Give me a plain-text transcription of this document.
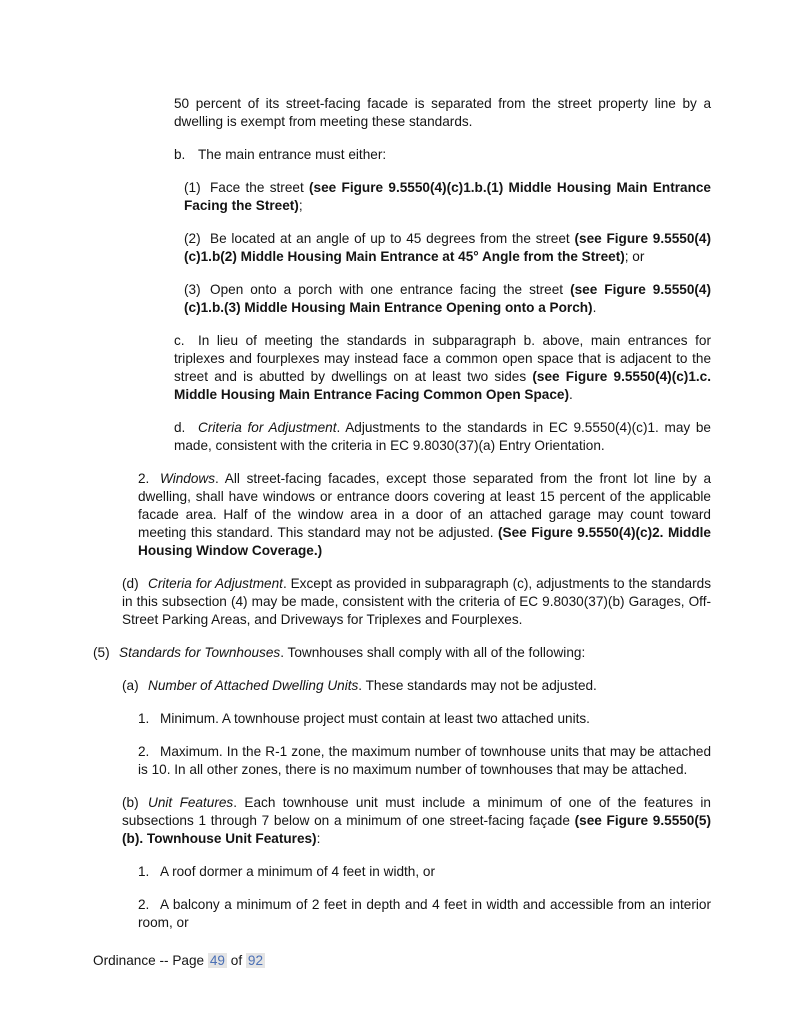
50 percent of its street-facing facade is separated from the street property line by a dwelling is exempt from meeting these standards.

b. The main entrance must either:

(1) Face the street (see Figure 9.5550(4)(c)1.b.(1) Middle Housing Main Entrance Facing the Street);

(2) Be located at an angle of up to 45 degrees from the street (see Figure 9.5550(4)(c)1.b(2) Middle Housing Main Entrance at 45° Angle from the Street); or

(3) Open onto a porch with one entrance facing the street (see Figure 9.5550(4)(c)1.b.(3) Middle Housing Main Entrance Opening onto a Porch).

c. In lieu of meeting the standards in subparagraph b. above, main entrances for triplexes and fourplexes may instead face a common open space that is adjacent to the street and is abutted by dwellings on at least two sides (see Figure 9.5550(4)(c)1.c. Middle Housing Main Entrance Facing Common Open Space).

d. Criteria for Adjustment. Adjustments to the standards in EC 9.5550(4)(c)1. may be made, consistent with the criteria in EC 9.8030(37)(a) Entry Orientation.

2. Windows. All street-facing facades, except those separated from the front lot line by a dwelling, shall have windows or entrance doors covering at least 15 percent of the applicable facade area. Half of the window area in a door of an attached garage may count toward meeting this standard. This standard may not be adjusted. (See Figure 9.5550(4)(c)2. Middle Housing Window Coverage.)

(d) Criteria for Adjustment. Except as provided in subparagraph (c), adjustments to the standards in this subsection (4) may be made, consistent with the criteria of EC 9.8030(37)(b) Garages, Off-Street Parking Areas, and Driveways for Triplexes and Fourplexes.

(5) Standards for Townhouses. Townhouses shall comply with all of the following:

(a) Number of Attached Dwelling Units. These standards may not be adjusted.

1. Minimum. A townhouse project must contain at least two attached units.

2. Maximum. In the R-1 zone, the maximum number of townhouse units that may be attached is 10. In all other zones, there is no maximum number of townhouses that may be attached.

(b) Unit Features. Each townhouse unit must include a minimum of one of the features in subsections 1 through 7 below on a minimum of one street-facing façade (see Figure 9.5550(5)(b). Townhouse Unit Features):

1. A roof dormer a minimum of 4 feet in width, or

2. A balcony a minimum of 2 feet in depth and 4 feet in width and accessible from an interior room, or

Ordinance -- Page 49 of 92
